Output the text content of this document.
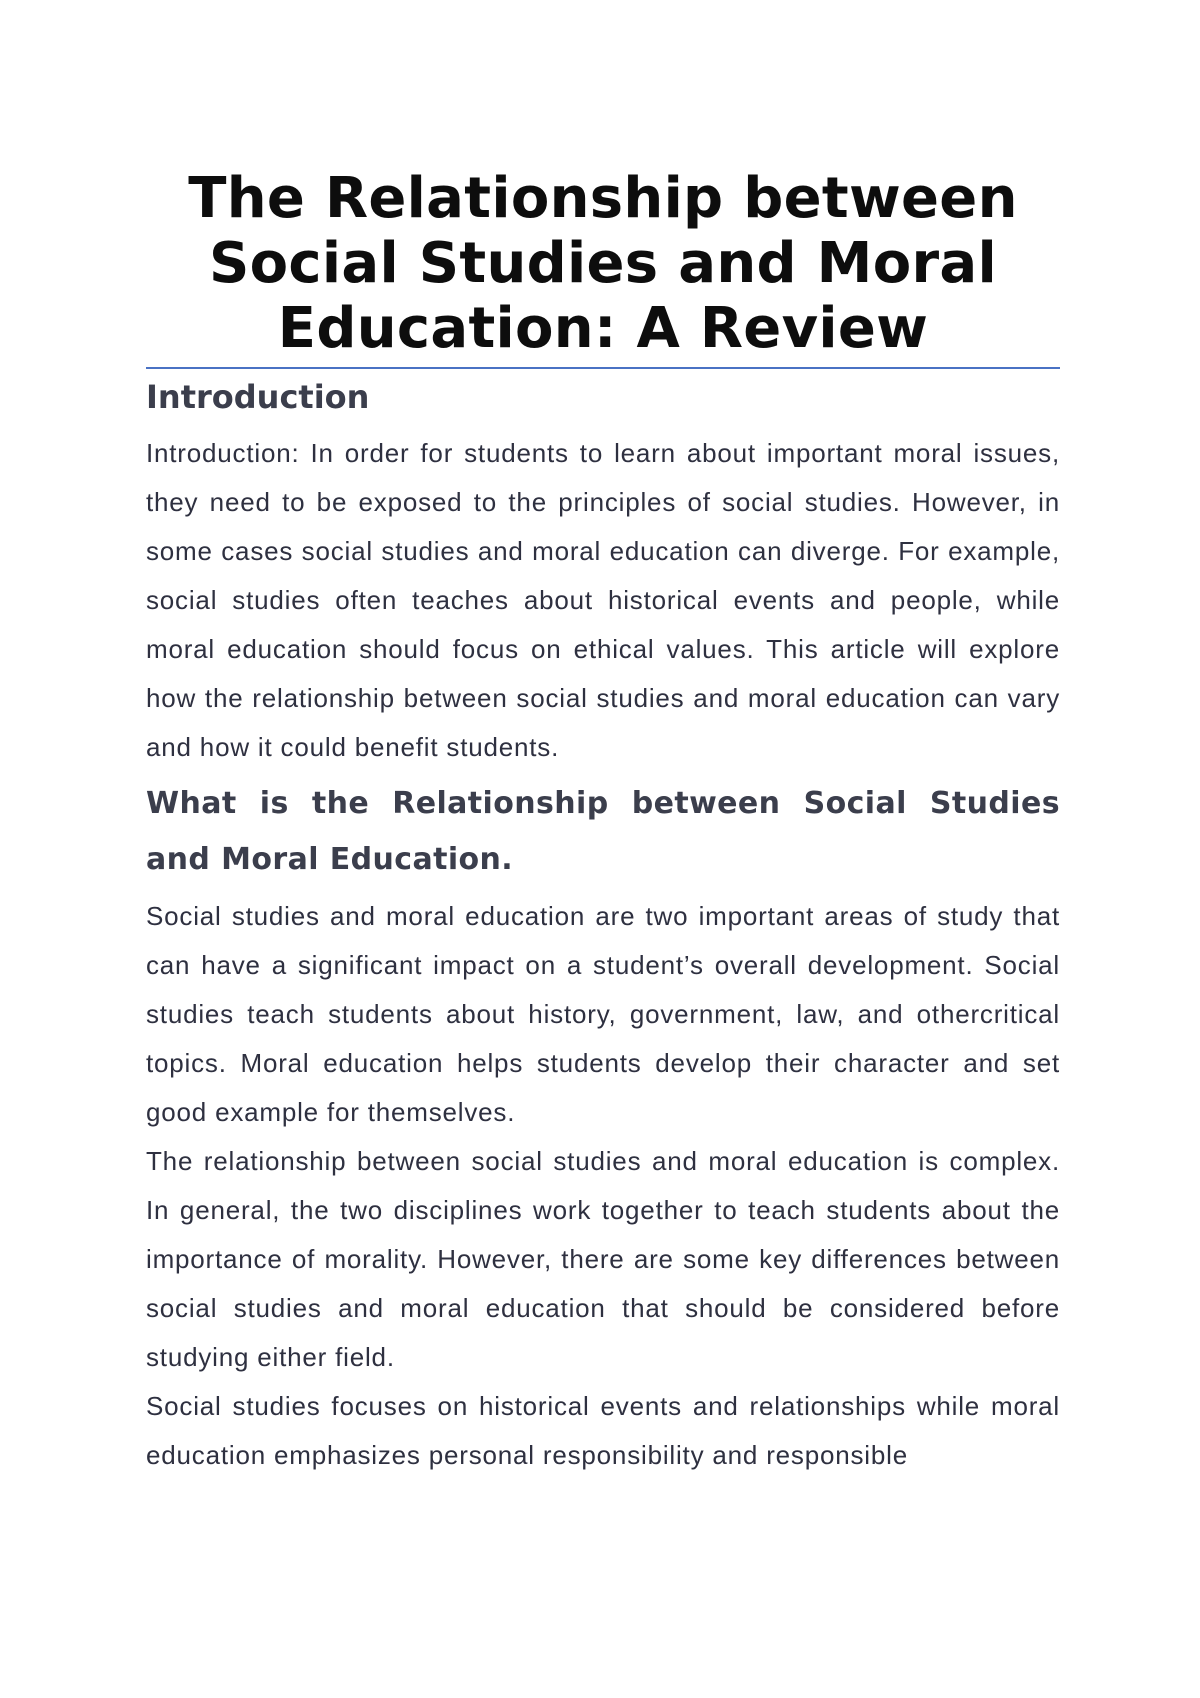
The Relationship between Social Studies and Moral Education: A Review
Introduction

Introduction: In order for students to learn about important moral issues, they need to be exposed to the principles of social studies. However, in some cases social studies and moral education can diverge. For example, social studies often teaches about historical events and people, while moral education should focus on ethical values. This article will explore how the relationship between social studies and moral education can vary and how it could benefit students.

What is the Relationship between Social Studies and Moral Education.

Social studies and moral education are two important areas of study that can have a significant impact on a student’s overall development. Social studies teach students about history, government, law, and othercritical topics. Moral education helps students develop their character and set good example for themselves.

The relationship between social studies and moral education is complex. In general, the two disciplines work together to teach students about the importance of morality. However, there are some key differences between social studies and moral education that should be considered before studying either field.

Social studies focuses on historical events and relationships while moral education emphasizes personal responsibility and responsible
